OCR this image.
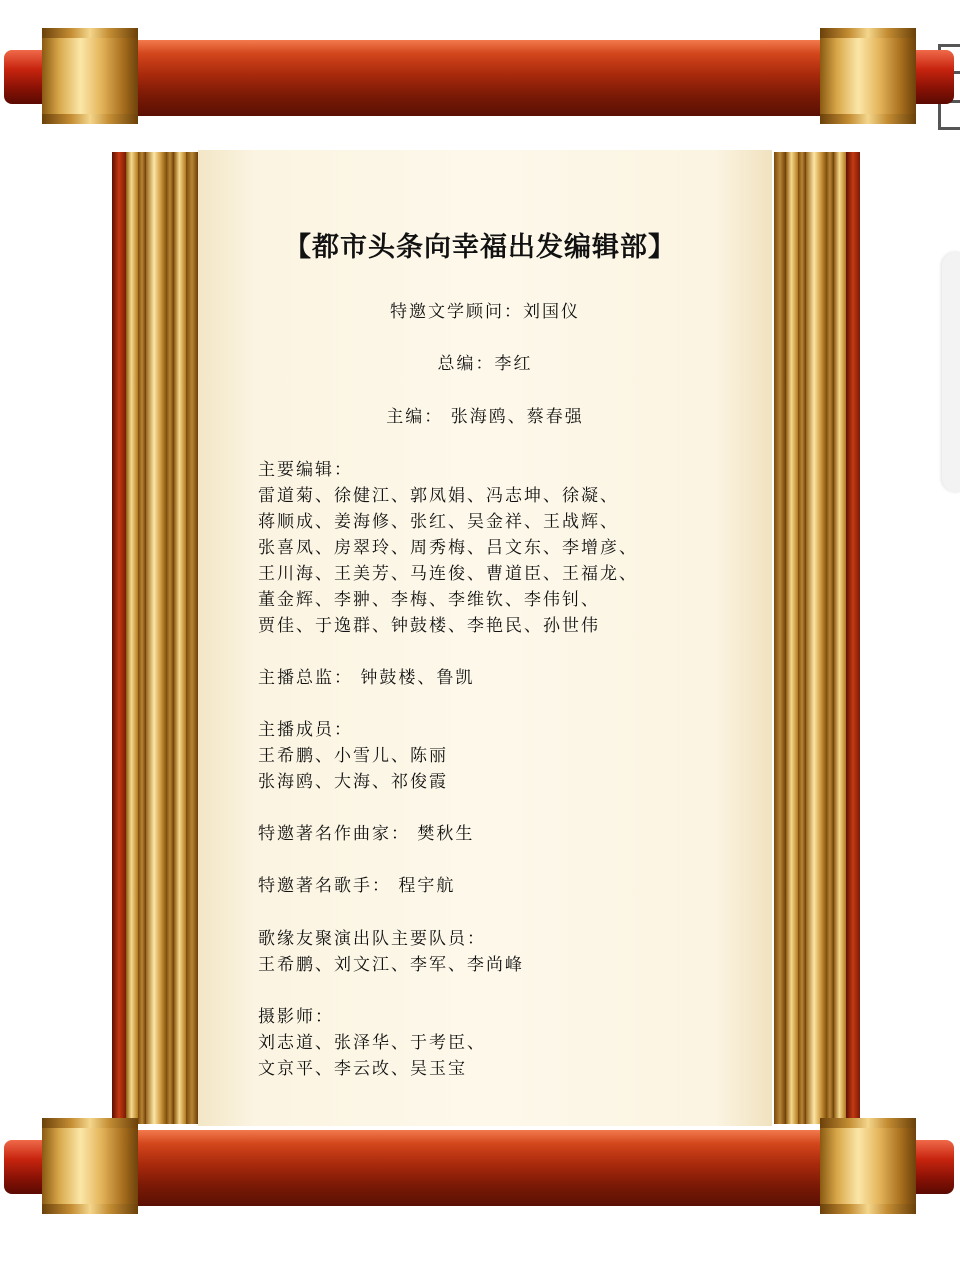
【都市头条向幸福出发编辑部】
特邀文学顾问：刘国仪
总编：李红
主编： 张海鸥、蔡春强
主要编辑：
雷道菊、徐健江、郭凤娟、冯志坤、徐凝、
蒋顺成、姜海修、张红、吴金祥、王战辉、
张喜凤、房翠玲、周秀梅、吕文东、李增彦、
王川海、王美芳、马连俊、曹道臣、王福龙、
董金辉、李翀、李梅、李维钦、李伟钊、
贾佳、于逸群、钟鼓楼、李艳民、孙世伟
主播总监： 钟鼓楼、鲁凯
主播成员：
王希鹏、小雪儿、陈丽
张海鸥、大海、祁俊霞
特邀著名作曲家： 樊秋生
特邀著名歌手： 程宇航
歌缘友聚演出队主要队员：
王希鹏、刘文江、李军、李尚峰
摄影师：
刘志道、张泽华、于考臣、
文京平、李云改、吴玉宝
